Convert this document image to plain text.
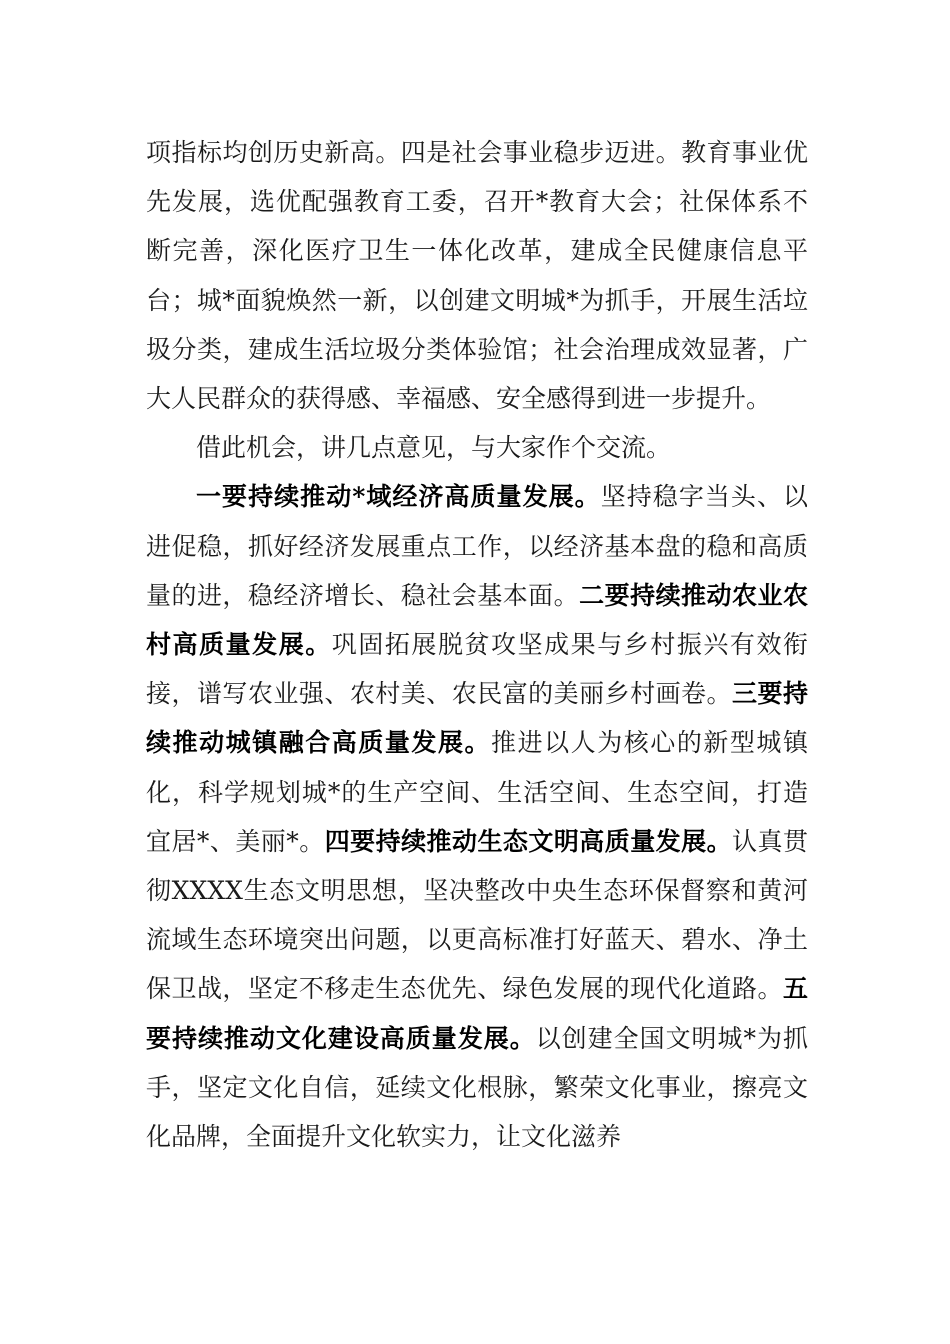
项指标均创历史新高。四是社会事业稳步迈进。教育事业优先发展，选优配强教育工委，召开*教育大会；社保体系不断完善，深化医疗卫生一体化改革，建成全民健康信息平台；城*面貌焕然一新，以创建文明城*为抓手，开展生活垃圾分类，建成生活垃圾分类体验馆；社会治理成效显著，广大人民群众的获得感、幸福感、安全感得到进一步提升。

借此机会，讲几点意见，与大家作个交流。

一要持续推动*域经济高质量发展。坚持稳字当头、以进促稳，抓好经济发展重点工作，以经济基本盘的稳和高质量的进，稳经济增长、稳社会基本面。二要持续推动农业农村高质量发展。巩固拓展脱贫攻坚成果与乡村振兴有效衔接，谱写农业强、农村美、农民富的美丽乡村画卷。三要持续推动城镇融合高质量发展。推进以人为核心的新型城镇化，科学规划城*的生产空间、生活空间、生态空间，打造宜居*、美丽*。四要持续推动生态文明高质量发展。认真贯彻XXXX生态文明思想，坚决整改中央生态环保督察和黄河流域生态环境突出问题，以更高标准打好蓝天、碧水、净土保卫战，坚定不移走生态优先、绿色发展的现代化道路。五要持续推动文化建设高质量发展。以创建全国文明城*为抓手，坚定文化自信，延续文化根脉，繁荣文化事业，擦亮文化品牌，全面提升文化软实力，让文化滋养
